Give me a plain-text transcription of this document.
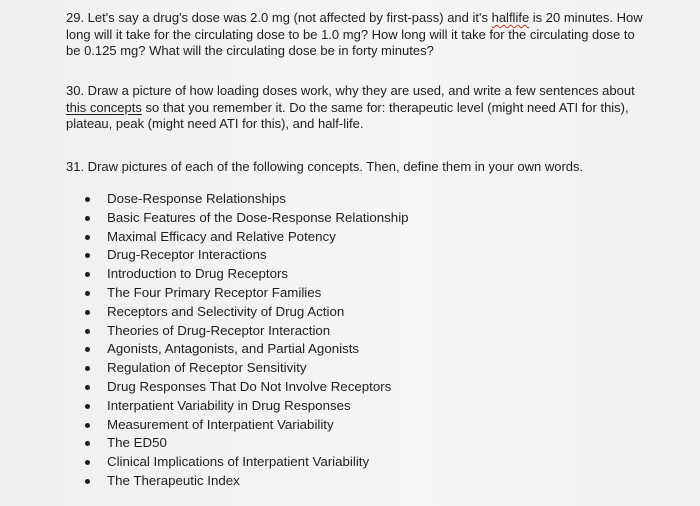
29. Let's say a drug's dose was 2.0 mg (not affected by first-pass) and it's halflife is 20 minutes. How long will it take for the circulating dose to be 1.0 mg? How long will it take for the circulating dose to be 0.125 mg? What will the circulating dose be in forty minutes?

30. Draw a picture of how loading doses work, why they are used, and write a few sentences about this concepts so that you remember it. Do the same for: therapeutic level (might need ATI for this), plateau, peak (might need ATI for this), and half-life.

31. Draw pictures of each of the following concepts. Then, define them in your own words.

Dose-Response Relationships
Basic Features of the Dose-Response Relationship
Maximal Efficacy and Relative Potency
Drug-Receptor Interactions
Introduction to Drug Receptors
The Four Primary Receptor Families
Receptors and Selectivity of Drug Action
Theories of Drug-Receptor Interaction
Agonists, Antagonists, and Partial Agonists
Regulation of Receptor Sensitivity
Drug Responses That Do Not Involve Receptors
Interpatient Variability in Drug Responses
Measurement of Interpatient Variability
The ED50
Clinical Implications of Interpatient Variability
The Therapeutic Index
